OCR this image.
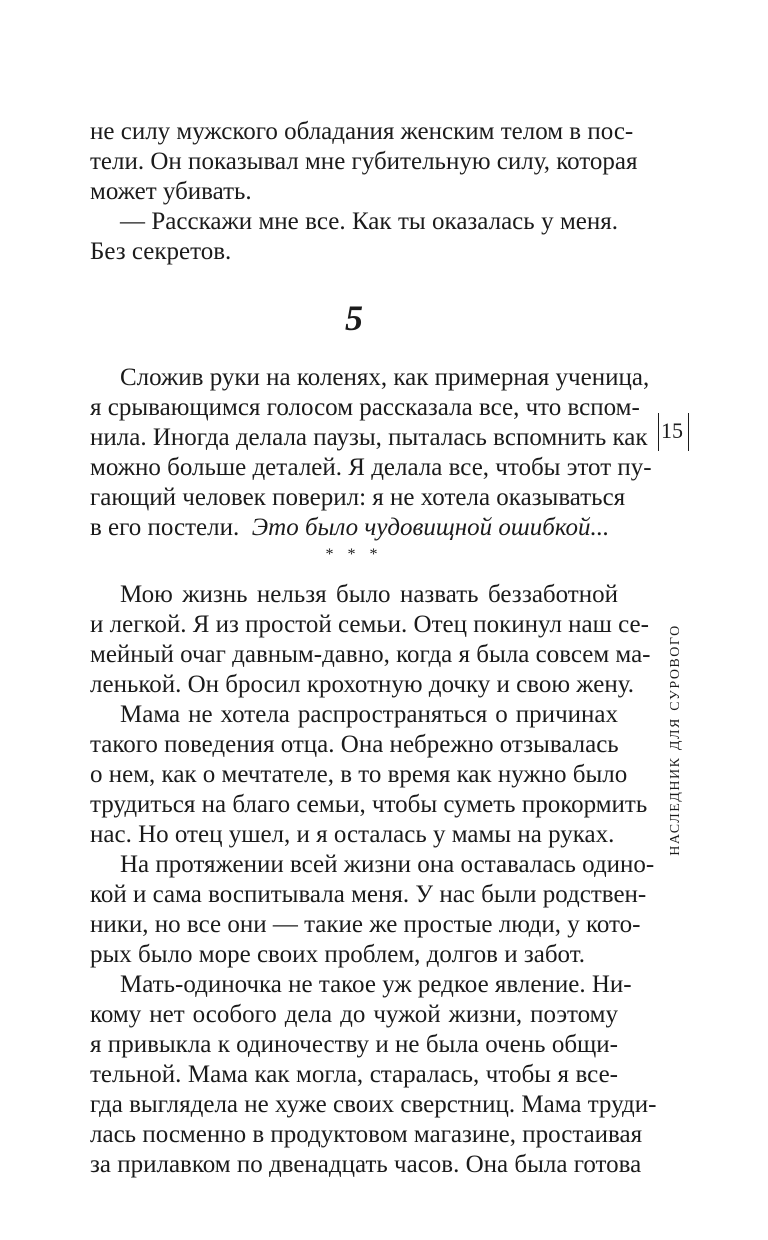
не силу мужского обладания женским телом в пос-
тели. Он показывал мне губительную силу, которая
может убивать.
— Расскажи мне все. Как ты оказалась у меня.
Без секретов.
5
Сложив руки на коленях, как примерная ученица,
я срывающимся голосом рассказала все, что вспом-
нила. Иногда делала паузы, пыталась вспомнить как
можно больше деталей. Я делала все, чтобы этот пу-
гающий человек поверил: я не хотела оказываться
в его постели. Это было чудовищной ошибкой...
* * *
Мою жизнь нельзя было назвать беззаботной
и легкой. Я из простой семьи. Отец покинул наш се-
мейный очаг давным-давно, когда я была совсем ма-
ленькой. Он бросил крохотную дочку и свою жену.
Мама не хотела распространяться о причинах
такого поведения отца. Она небрежно отзывалась
о нем, как о мечтателе, в то время как нужно было
трудиться на благо семьи, чтобы суметь прокормить
нас. Но отец ушел, и я осталась у мамы на руках.
На протяжении всей жизни она оставалась одино-
кой и сама воспитывала меня. У нас были родствен-
ники, но все они — такие же простые люди, у кото-
рых было море своих проблем, долгов и забот.
Мать-одиночка не такое уж редкое явление. Ни-
кому нет особого дела до чужой жизни, поэтому
я привыкла к одиночеству и не была очень общи-
тельной. Мама как могла, старалась, чтобы я все-
гда выглядела не хуже своих сверстниц. Мама труди-
лась посменно в продуктовом магазине, простаивая
за прилавком по двенадцать часов. Она была готова
15
наследник для сурового
